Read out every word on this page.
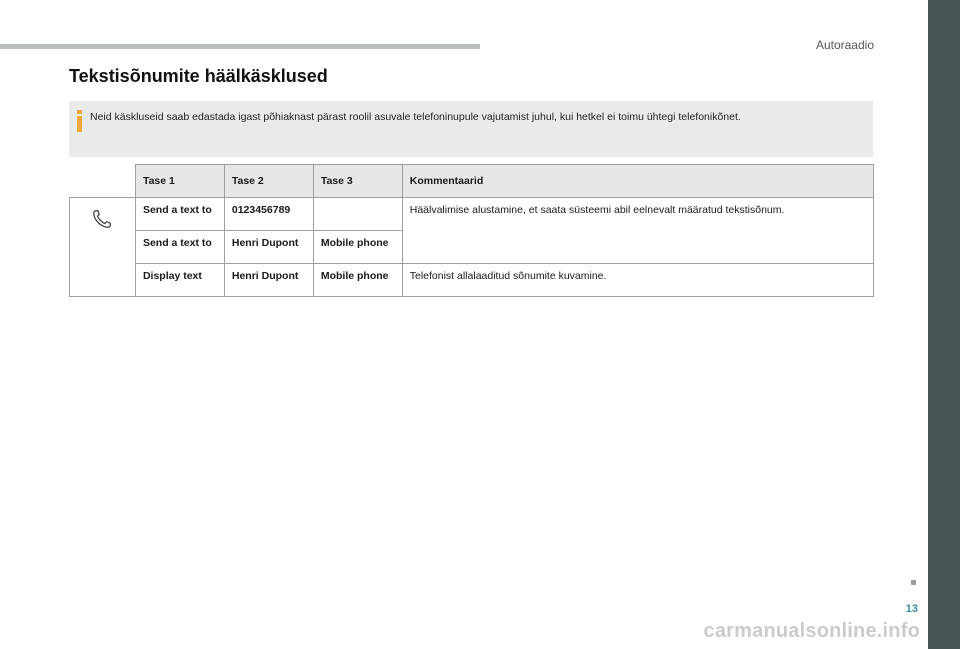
Autoraadio
Tekstisõnumite häälkäsklused
Neid käskluseid saab edastada igast põhiaknast pärast roolil asuvale telefoninupule vajutamist juhul, kui hetkel ei toimu ühtegi telefonikõnet.
	Tase 1	Tase 2	Tase 3	Kommentaarid
	Send a text to	0123456789		Häälvalimise alustamine, et saata süsteemi abil eelnevalt määratud tekstisõnum.
	Send a text to	Henri Dupont	Mobile phone	
	Display text	Henri Dupont	Mobile phone	Telefonist allalaaditud sõnumite kuvamine.
13
carmanualsonline.info
